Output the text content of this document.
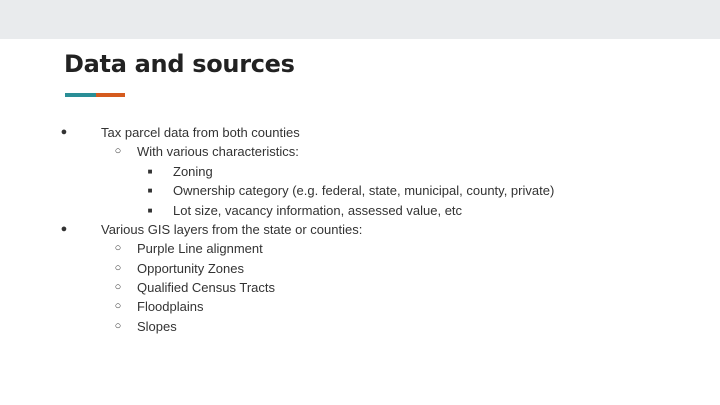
Data and sources
●	Tax parcel data from both counties
○ With various characteristics:
■ Zoning
■ Ownership category (e.g. federal, state, municipal, county, private)
■ Lot size, vacancy information, assessed value, etc
●	Various GIS layers from the state or counties:
○ Purple Line alignment
○ Opportunity Zones
○ Qualified Census Tracts
○ Floodplains
○ Slopes
